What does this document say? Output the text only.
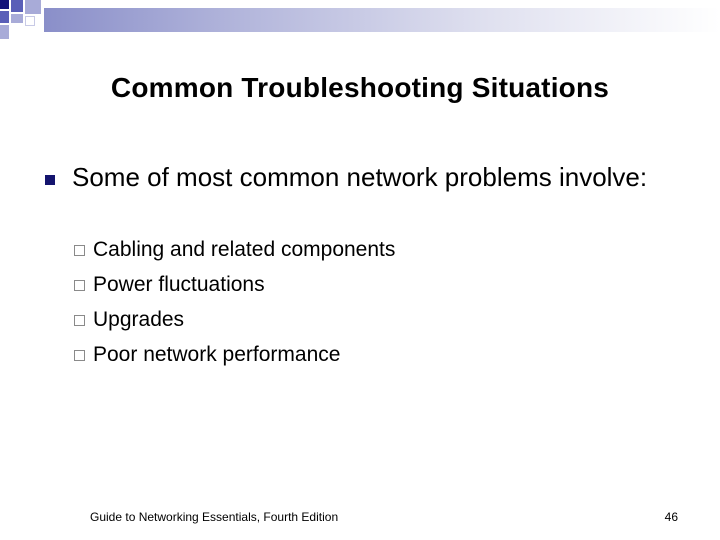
Common Troubleshooting Situations
Some of most common network problems involve:
Cabling and related components
Power fluctuations
Upgrades
Poor network performance
Guide to Networking Essentials, Fourth Edition	46
